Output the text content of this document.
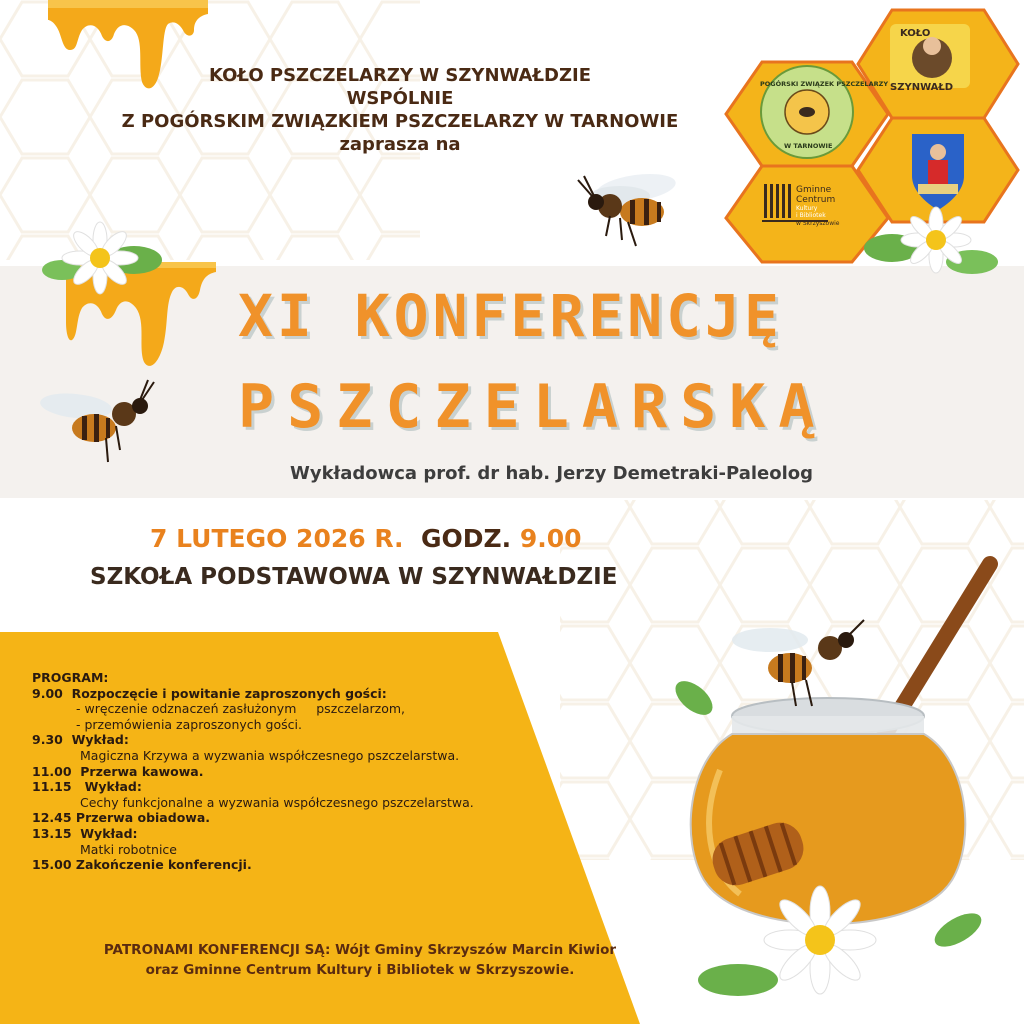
KOŁO PSZCZELARZY W SZYNWAŁDZIE
WSPÓLNIE
Z POGÓRSKIM ZWIĄZKIEM PSZCZELARZY W TARNOWIE
zaprasza na
KOŁO
SZYNWAŁD
POGÓRSKI ZWIĄZEK PSZCZELARZY
W TARNOWIE
Gminne
Centrum
Kultury
i Bibliotek
w Skrzyszowie
XI KONFERENCJĘ
PSZCZELARSKĄ
Wykładowca prof. dr hab. Jerzy Demetraki-Paleolog
7 LUTEGO 2026 R. GODZ. 9.00
SZKOŁA PODSTAWOWA W SZYNWAŁDZIE
PROGRAM:
9.00 Rozpoczęcie i powitanie zaproszonych gości:
- wręczenie odznaczeń zasłużonym     pszczelarzom,
- przemówienia zaproszonych gości.
9.30 Wykład:
Magiczna Krzywa a wyzwania współczesnego pszczelarstwa.
11.00 Przerwa kawowa.
11.15 Wykład:
Cechy funkcjonalne a wyzwania współczesnego pszczelarstwa.
12.45 Przerwa obiadowa.
13.15 Wykład:
Matki robotnice
15.00 Zakończenie konferencji.
PATRONAMI KONFERENCJI SĄ: Wójt Gminy Skrzyszów Marcin Kiwior
oraz Gminne Centrum Kultury i Bibliotek w Skrzyszowie.
